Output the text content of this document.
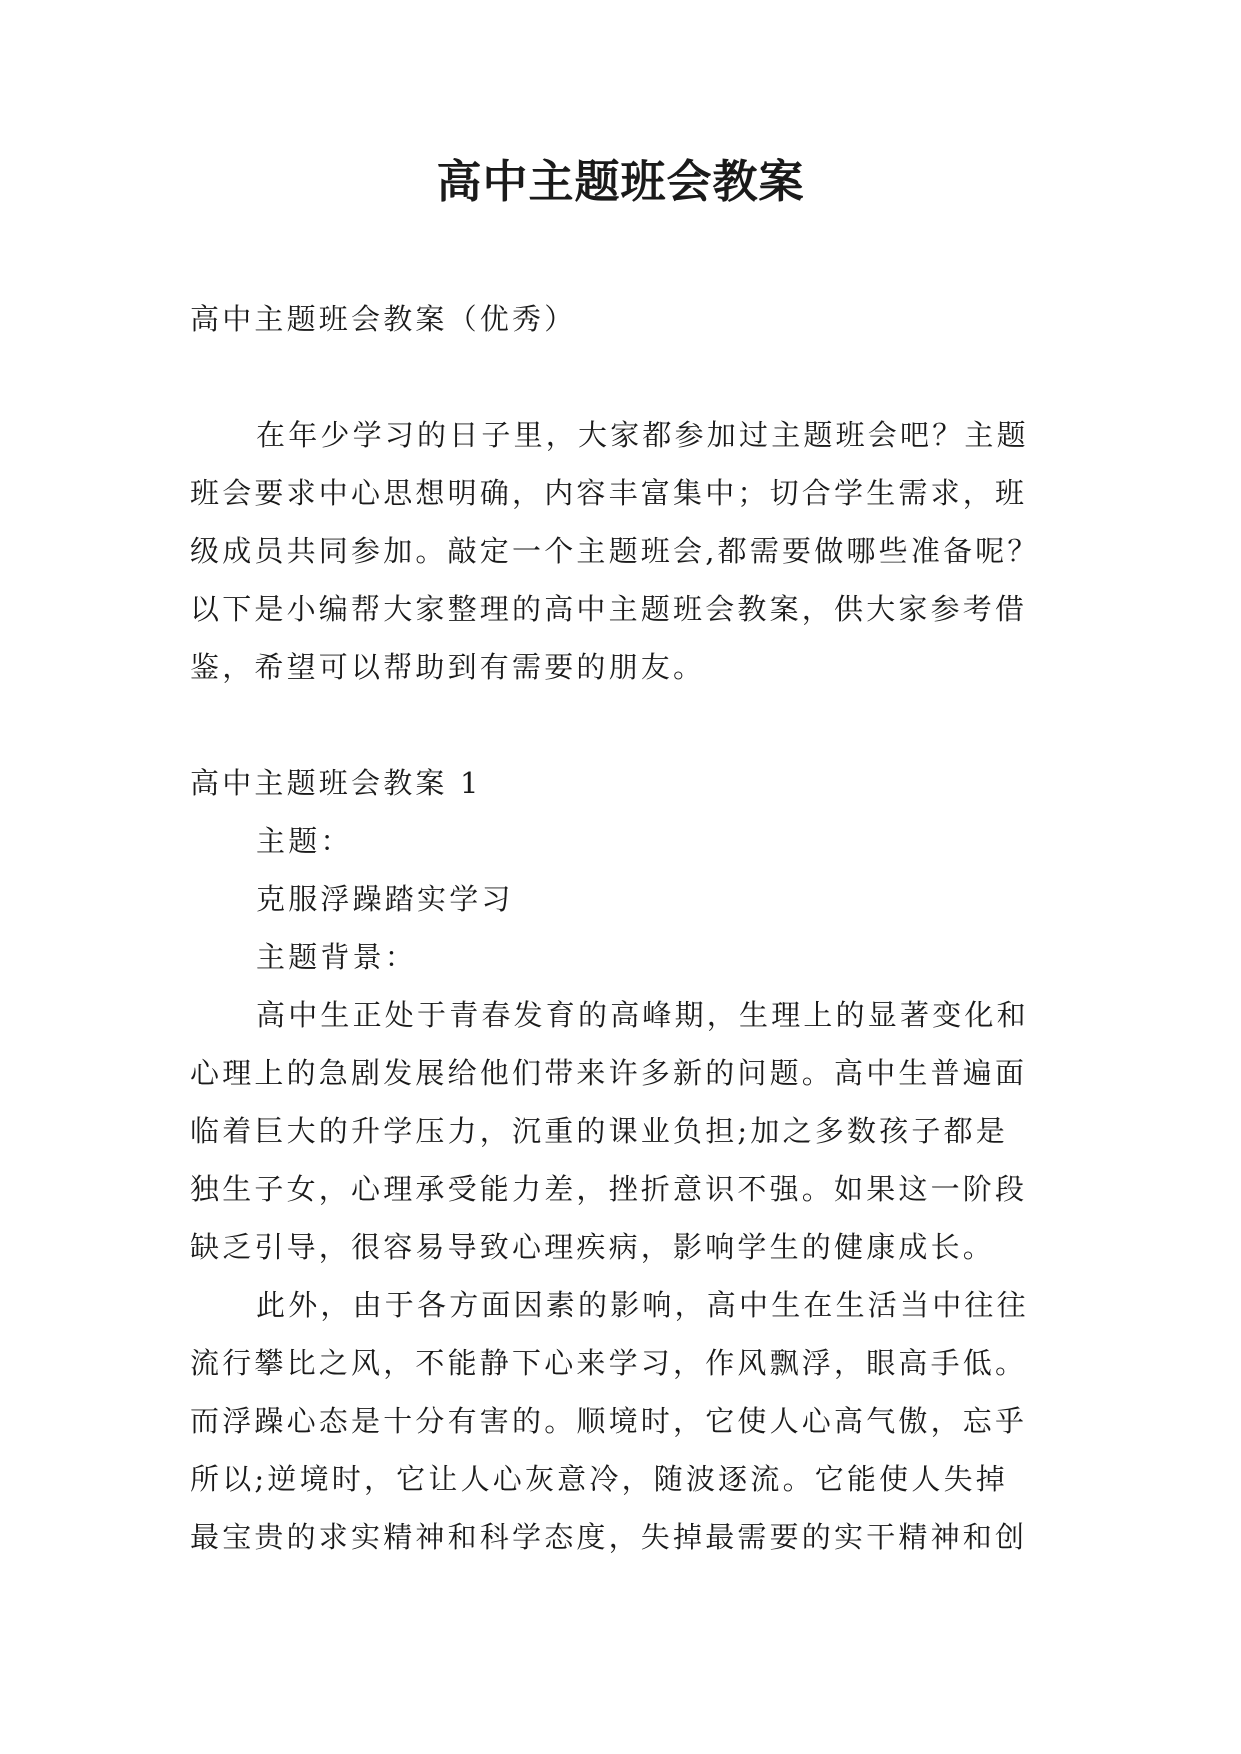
高中主题班会教案

高中主题班会教案（优秀）

在年少学习的日子里，大家都参加过主题班会吧？主题

班会要求中心思想明确，内容丰富集中；切合学生需求，班

级成员共同参加。敲定一个主题班会,都需要做哪些准备呢？

以下是小编帮大家整理的高中主题班会教案，供大家参考借

鉴，希望可以帮助到有需要的朋友。

高中主题班会教案 1

主题：

克服浮躁踏实学习

主题背景：

高中生正处于青春发育的高峰期，生理上的显著变化和

心理上的急剧发展给他们带来许多新的问题。高中生普遍面

临着巨大的升学压力，沉重的课业负担;加之多数孩子都是

独生子女，心理承受能力差，挫折意识不强。如果这一阶段

缺乏引导，很容易导致心理疾病，影响学生的健康成长。

此外，由于各方面因素的影响，高中生在生活当中往往

流行攀比之风，不能静下心来学习，作风飘浮，眼高手低。

而浮躁心态是十分有害的。顺境时，它使人心高气傲，忘乎

所以;逆境时，它让人心灰意冷，随波逐流。它能使人失掉

最宝贵的求实精神和科学态度，失掉最需要的实干精神和创
